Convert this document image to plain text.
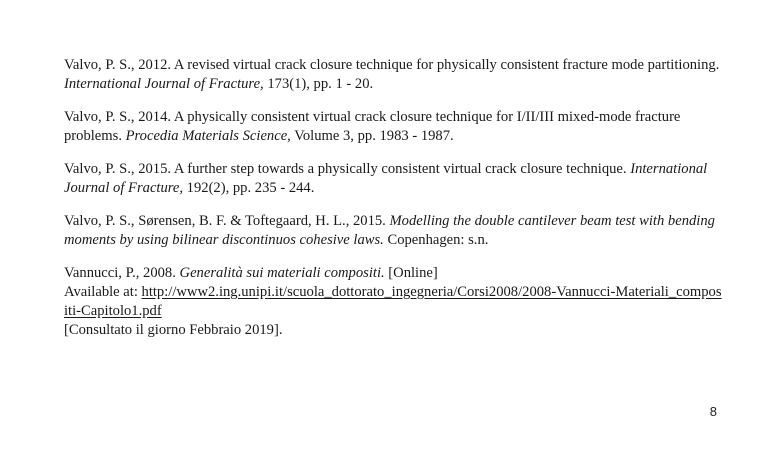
Valvo, P. S., 2012. A revised virtual crack closure technique for physically consistent fracture mode partitioning. International Journal of Fracture, 173(1), pp. 1 - 20.

Valvo, P. S., 2014. A physically consistent virtual crack closure technique for I/II/III mixed-mode fracture problems. Procedia Materials Science, Volume 3, pp. 1983 - 1987.

Valvo, P. S., 2015. A further step towards a physically consistent virtual crack closure technique. International Journal of Fracture, 192(2), pp. 235 - 244.

Valvo, P. S., Sørensen, B. F. & Toftegaard, H. L., 2015. Modelling the double cantilever beam test with bending moments by using bilinear discontinuos cohesive laws. Copenhagen: s.n.

Vannucci, P., 2008. Generalità sui materiali compositi. [Online]
Available at: http://www2.ing.unipi.it/scuola_dottorato_ingegneria/Corsi2008/2008-Vannucci-Materiali_compositi-Capitolo1.pdf
[Consultato il giorno Febbraio 2019].

8
